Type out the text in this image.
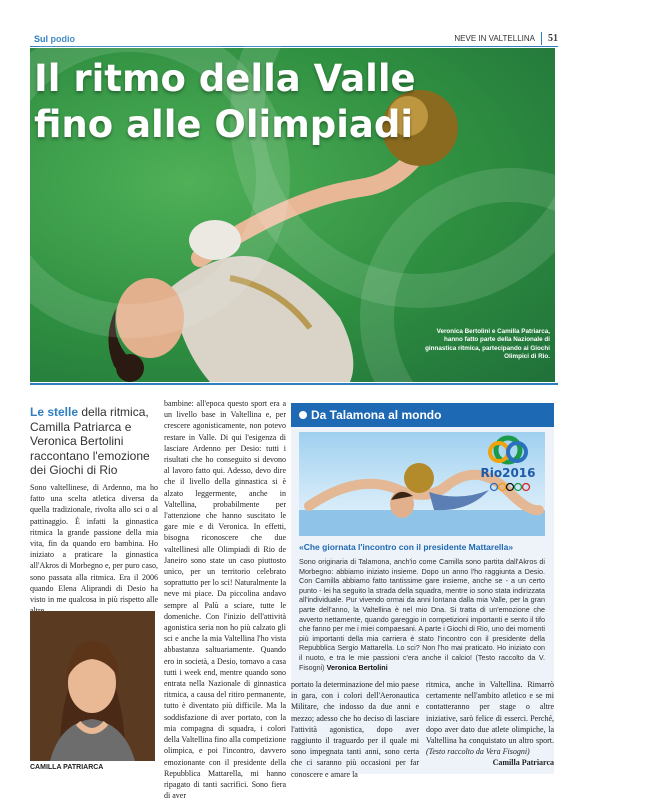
Sul podio	NEVE IN VALTELLINA 51
Il ritmo della Valle
fino alle Olimpiadi
Veronica Bertolini e Camilla Patriarca, hanno fatto parte della Nazionale di ginnastica ritmica, partecipando ai Giochi Olimpici di Rio.
Le stelle della ritmica, Camilla Patriarca e Veronica Bertolini raccontano l'emozione dei Giochi di Rio
Sono valtellinese, di Ardenno, ma ho fatto una scelta atletica diversa da quella tradizionale, rivolta allo sci o al pattinaggio. È infatti la ginnastica ritmica la grande passione della mia vita, fin da quando ero bambina. Ho iniziato a praticare la ginnastica all'Akros di Morbegno e, per puro caso, sono passata alla ritmica. Era il 2006 quando Elena Aliprandi di Desio ha visto in me qualcosa in più rispetto alle
CAMILLA PATRIARCA
bambine: all'epoca questo sport era a un livello base in Valtellina e, per crescere agonisticamente, non potevo restare in Valle. Di qui l'esigenza di lasciare Ardenno per Desio: tutti i risultati che ho conseguito si devono al lavoro fatto qui. Adesso, devo dire che il livello della ginnastica si è alzato leggermente, anche in Valtellina, probabilmente per l'attenzione che hanno suscitato le gare mie e di Veronica. In effetti, bisogna riconoscere che due valtellinesi alle Olimpiadi di Rio de Janeiro sono state un caso piuttosto unico, per un territorio celebrato soprattutto per lo sci! Naturalmente la neve mi piace. Da piccolina andavo sempre al Palù a sciare, tutte le domeniche. Con l'inizio dell'attività agonistica seria non ho più calzato gli sci e anche la mia Valtellina l'ho vista abbastanza saltuariamente. Quando ero in società, a Desio, tornavo a casa tutti i week end, mentre quando sono entrata nella Nazionale di ginnastica ritmica, a causa del ritiro permanente, tutto è diventato più difficile. Ma la soddisfazione di aver portato, con la mia compagna di squadra, i colori della Valtellina fino alla competizione olimpica, e poi l'incontro, davvero emozionante con il presidente della Repubblica Mattarella, mi hanno ripagato di tanti sacrifici. Sono fiera di aver
Da Talamona al mondo
Rio2016
«Che giornata l'incontro con il presidente Mattarella»
Sono originaria di Talamona, anch'io come Camilla sono partita dall'Akros di Morbegno: abbiamo iniziato insieme. Dopo un anno l'ho raggiunta a Desio. Con Camilla abbiamo fatto tantissime gare insieme, anche se - a un certo punto - lei ha seguito la strada della squadra, mentre io sono stata indirizzata all'individuale. Pur vivendo ormai da anni lontana dalla mia Valle, per la gran parte dell'anno, la Valtellina è nel mio Dna. Si tratta di un'emozione che avverto nettamente, quando gareggio in competizioni importanti e sento il tifo che fanno per me i miei compaesani. A parte i Giochi di Rio, uno dei momenti più importanti della mia carriera è stato l'incontro con il presidente della Repubblica Sergio Mattarella. Lo sci? Non l'ho mai praticato. Ho iniziato con il nuoto, e tra le mie passioni c'era anche il calcio! (Testo raccolto da V. Fisogni) Veronica Bertolini
portato la determinazione del mio paese in gara, con i colori dell'Aeronautica Militare, che indosso da due anni e mezzo; adesso che ho deciso di lasciare l'attività agonistica, dopo aver raggiunto il traguardo per il quale mi sono impegnata tanti anni, sono certa che ci saranno più occasioni per far conoscere e amare la
ritmica, anche in Valtellina. Rimarrò certamente nell'ambito atletico e se mi contatteranno per stage o altre iniziative, sarò felice di esserci. Perché, dopo aver dato due atlete olimpiche, la Valtellina ha conquistato un altro sport. (Testo raccolto da Vera Fisogni)
Camilla Patriarca
